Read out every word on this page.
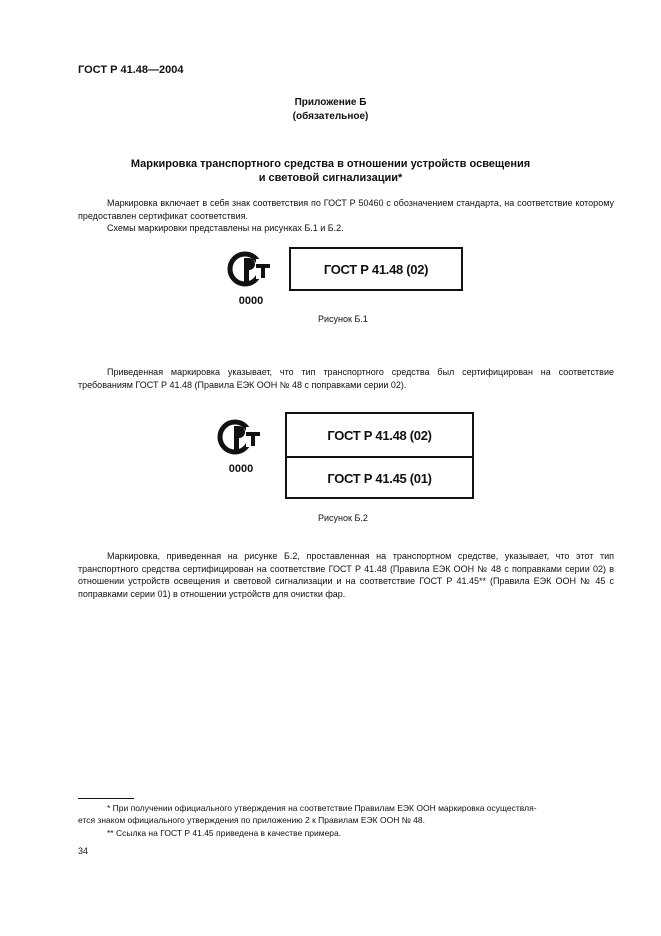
ГОСТ Р 41.48—2004
Приложение Б
(обязательное)
Маркировка транспортного средства в отношении устройств освещения
и световой сигнализации*
Маркировка включает в себя знак соответствия по ГОСТ Р 50460 с обозначением стандарта, на соответствие которому предоставлен сертификат соответствия.
Схемы маркировки представлены на рисунках Б.1 и Б.2.
0000
ГОСТ Р 41.48 (02)
Рисунок Б.1
Приведенная маркировка указывает, что тип транспортного средства был сертифицирован на соответствие требованиям ГОСТ Р 41.48 (Правила ЕЭК ООН № 48 с поправками серии 02).
0000
ГОСТ Р 41.48 (02)
ГОСТ Р 41.45 (01)
Рисунок Б.2
Маркировка, приведенная на рисунке Б.2, проставленная на транспортном средстве, указывает, что этот тип транспортного средства сертифицирован на соответствие ГОСТ Р 41.48 (Правила ЕЭК ООН № 48 с поправками серии 02) в отношении устройств освещения и световой сигнализации и на соответствие ГОСТ Р 41.45** (Правила ЕЭК ООН № 45 с поправками серии 01) в отношении устройств для очистки фар.
* При получении официального утверждения на соответствие Правилам ЕЭК ООН маркировка осуществля-
ется знаком официального утверждения по приложению 2 к Правилам ЕЭК ООН № 48.
** Ссылка на ГОСТ Р 41.45 приведена в качестве примера.
34
